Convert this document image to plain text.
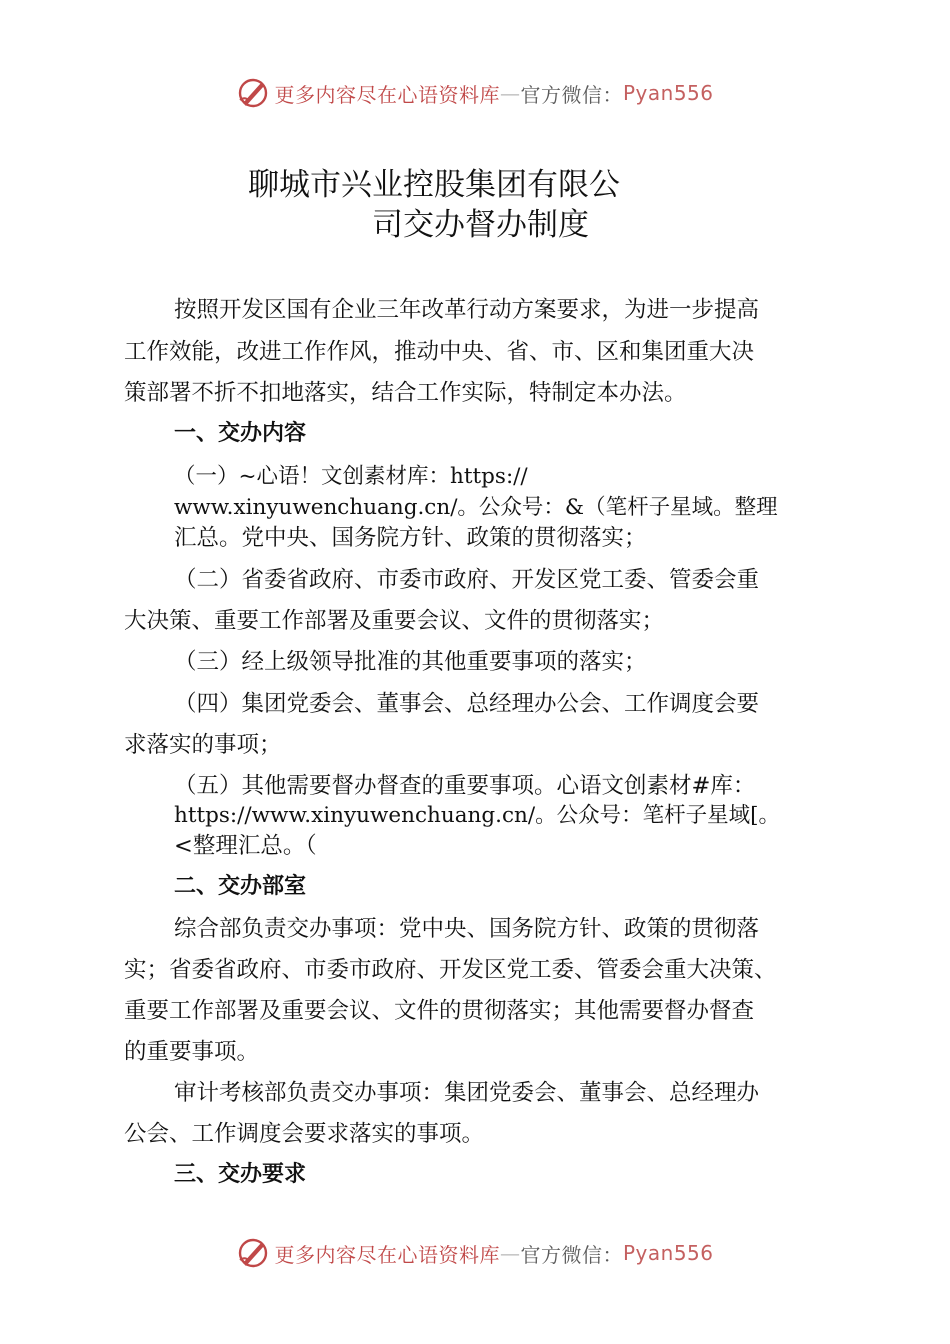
更多内容尽在心语资料库 — 官方微信： Pyan556
聊城市兴业控股集团有限公
司交办督办制度
按照开发区国有企业三年改革行动方案要求，为进一步提高
工作效能，改进工作作风，推动中央、省、市、区和集团重大决
策部署不折不扣地落实，结合工作实际，特制定本办法。
一、交办内容
（一）~心语！文创素材库：https://
www.xinyuwenchuang.cn/。公众号：&（笔杆子星域。整理
汇总。党中央、国务院方针、政策的贯彻落实；
（二）省委省政府、市委市政府、开发区党工委、管委会重
大决策、重要工作部署及重要会议、文件的贯彻落实；
（三）经上级领导批准的其他重要事项的落实；
（四）集团党委会、董事会、总经理办公会、工作调度会要
求落实的事项；
（五）其他需要督办督查的重要事项。心语文创素材#库：
https://www.xinyuwenchuang.cn/。公众号：笔杆子星域[。
<整理汇总。（
二、交办部室
综合部负责交办事项：党中央、国务院方针、政策的贯彻落
实；省委省政府、市委市政府、开发区党工委、管委会重大决策、
重要工作部署及重要会议、文件的贯彻落实；其他需要督办督查
的重要事项。
审计考核部负责交办事项：集团党委会、董事会、总经理办
公会、工作调度会要求落实的事项。
三、交办要求
更多内容尽在心语资料库 — 官方微信： Pyan556
